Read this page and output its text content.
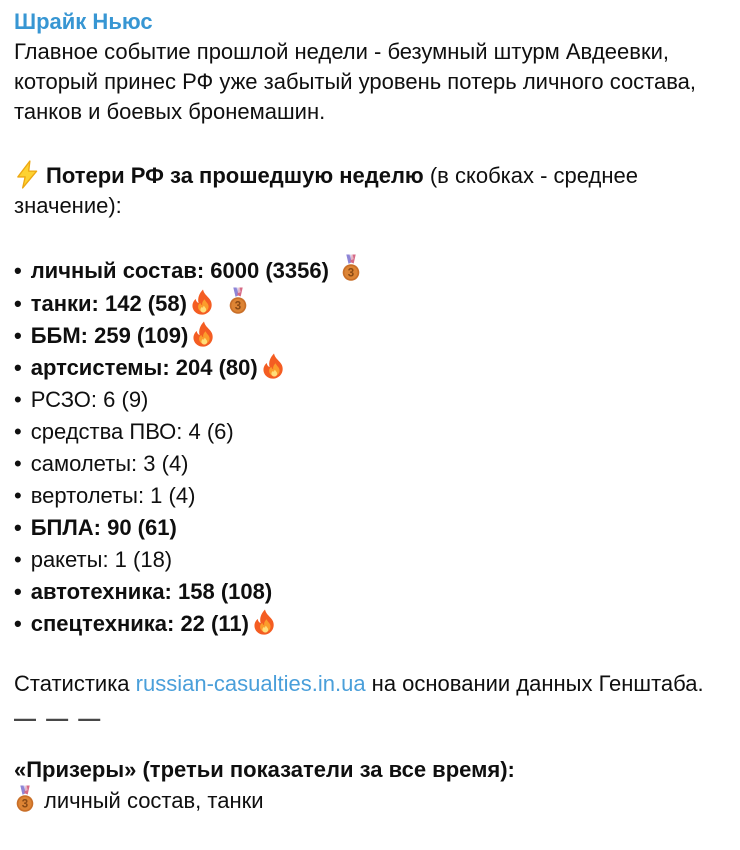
Шрайк Ньюс

Главное событие прошлой недели - безумный штурм Авдеевки, который принес РФ уже забытый уровень потерь личного состава, танков и боевых бронемашин.

Потери РФ за прошедшую неделю (в скобках - среднее значение):

• личный состав: 6000 (3356) 3
• танки: 142 (58)	3
• ББМ: 259 (109)
• артсистемы: 204 (80)
• РСЗО: 6 (9)
• средства ПВО: 4 (6)
• самолеты: 3 (4)
• вертолеты: 1 (4)
• БПЛА: 90 (61)
• ракеты: 1 (18)
• автотехника: 158 (108)
• спецтехника: 22 (11)

Статистика russian-casualties.in.ua на основании данных Генштаба.

— — —

«Призеры» (третьи показатели за все время):

3 личный состав, танки
